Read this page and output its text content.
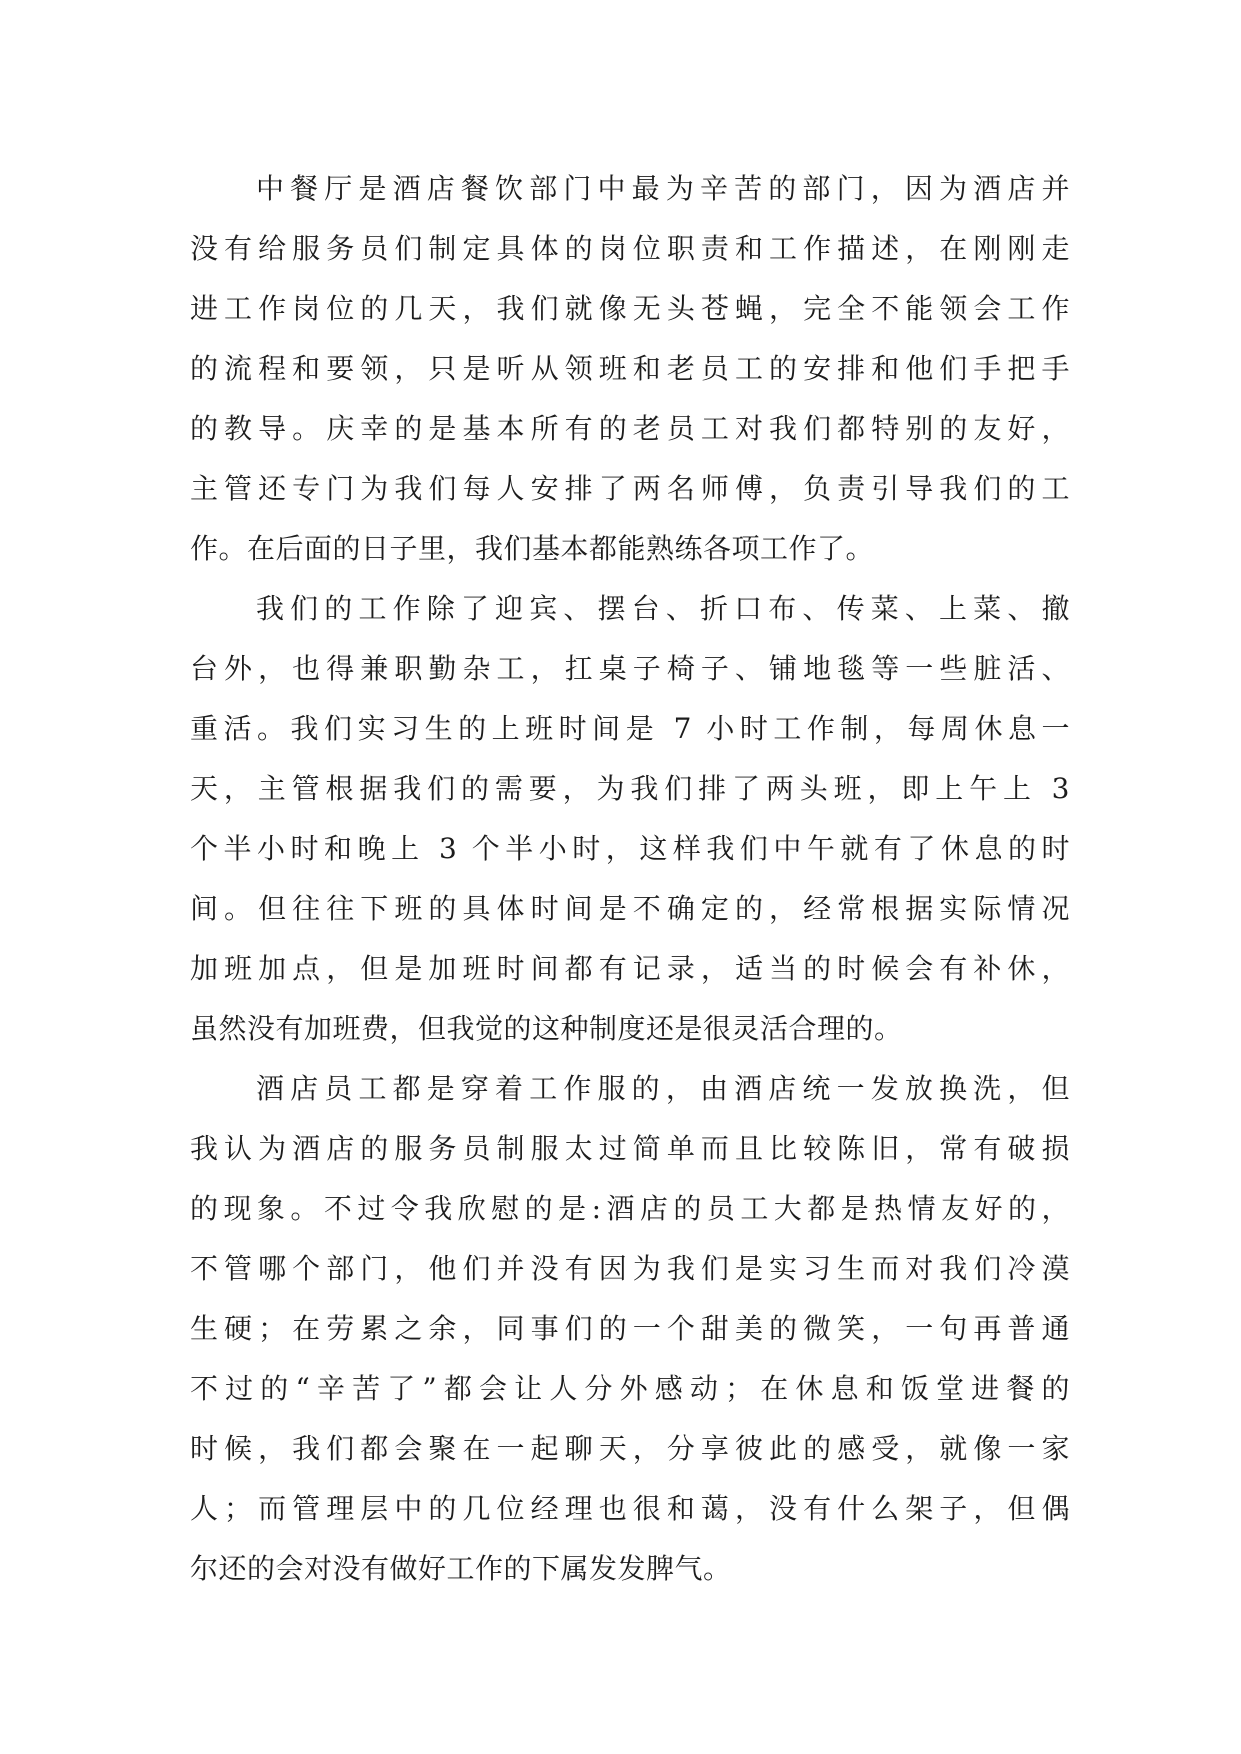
中餐厅是酒店餐饮部门中最为辛苦的部门，因为酒店并
没有给服务员们制定具体的岗位职责和工作描述，在刚刚走
进工作岗位的几天，我们就像无头苍蝇，完全不能领会工作
的流程和要领，只是听从领班和老员工的安排和他们手把手
的教导。庆幸的是基本所有的老员工对我们都特别的友好，
主管还专门为我们每人安排了两名师傅，负责引导我们的工
作。在后面的日子里，我们基本都能熟练各项工作了。
我们的工作除了迎宾、摆台、折口布、传菜、上菜、撤
台外，也得兼职勤杂工，扛桌子椅子、铺地毯等一些脏活、
重活。我们实习生的上班时间是 7 小时工作制，每周休息一
天，主管根据我们的需要，为我们排了两头班，即上午上 3
个半小时和晚上 3 个半小时，这样我们中午就有了休息的时
间。但往往下班的具体时间是不确定的，经常根据实际情况
加班加点，但是加班时间都有记录，适当的时候会有补休，
虽然没有加班费，但我觉的这种制度还是很灵活合理的。
酒店员工都是穿着工作服的，由酒店统一发放换洗，但
我认为酒店的服务员制服太过简单而且比较陈旧，常有破损
的现象。不过令我欣慰的是:酒店的员工大都是热情友好的，
不管哪个部门，他们并没有因为我们是实习生而对我们冷漠
生硬；在劳累之余，同事们的一个甜美的微笑，一句再普通
不过的“辛苦了”都会让人分外感动；在休息和饭堂进餐的
时候，我们都会聚在一起聊天，分享彼此的感受，就像一家
人；而管理层中的几位经理也很和蔼，没有什么架子，但偶
尔还的会对没有做好工作的下属发发脾气。
